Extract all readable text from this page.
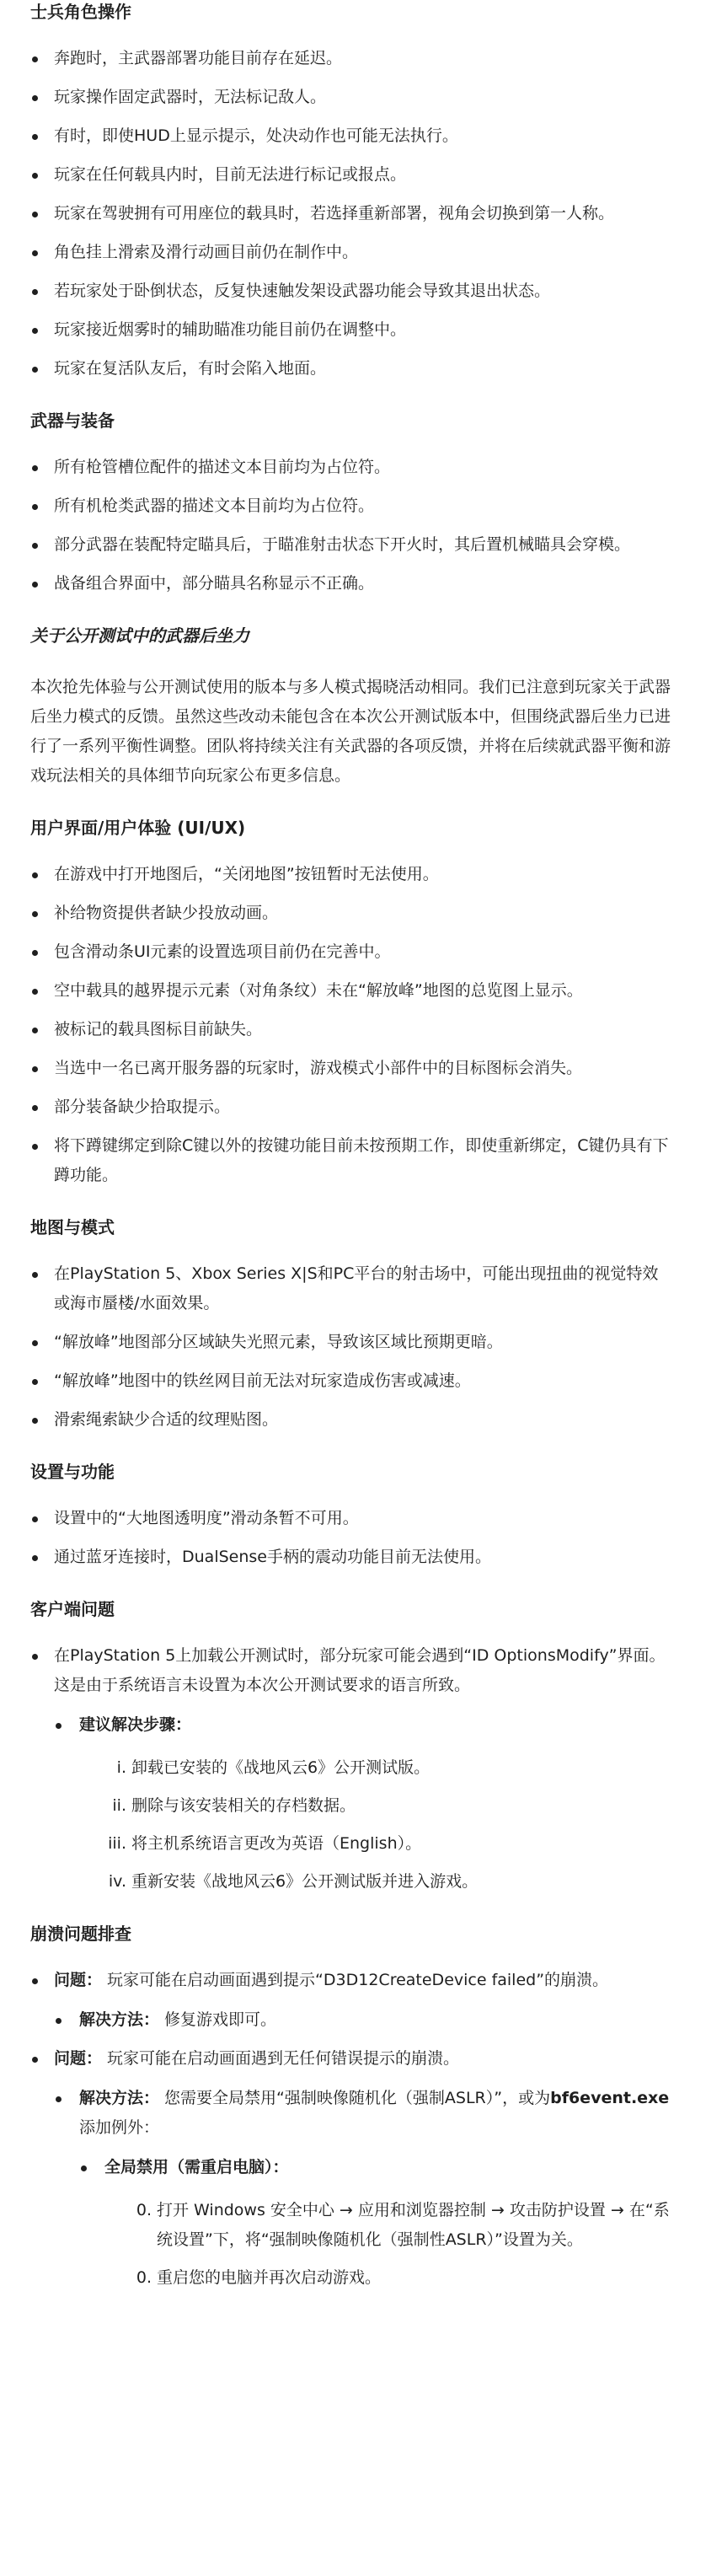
士兵角色操作
奔跑时，主武器部署功能目前存在延迟。
玩家操作固定武器时，无法标记敌人。
有时，即使HUD上显示提示，处决动作也可能无法执行。
玩家在任何载具内时，目前无法进行标记或报点。
玩家在驾驶拥有可用座位的载具时，若选择重新部署，视角会切换到第一人称。
角色挂上滑索及滑行动画目前仍在制作中。
若玩家处于卧倒状态，反复快速触发架设武器功能会导致其退出状态。
玩家接近烟雾时的辅助瞄准功能目前仍在调整中。
玩家在复活队友后，有时会陷入地面。
武器与装备
所有枪管槽位配件的描述文本目前均为占位符。
所有机枪类武器的描述文本目前均为占位符。
部分武器在装配特定瞄具后，于瞄准射击状态下开火时，其后置机械瞄具会穿模。
战备组合界面中，部分瞄具名称显示不正确。
关于公开测试中的武器后坐力

本次抢先体验与公开测试使用的版本与多人模式揭晓活动相同。我们已注意到玩家关于武器后坐力模式的反馈。虽然这些改动未能包含在本次公开测试版本中，但围绕武器后坐力已进行了一系列平衡性调整。团队将持续关注有关武器的各项反馈，并将在后续就武器平衡和游戏玩法相关的具体细节向玩家公布更多信息。

用户界面/用户体验 (UI/UX)
在游戏中打开地图后，“关闭地图”按钮暂时无法使用。
补给物资提供者缺少投放动画。
包含滑动条UI元素的设置选项目前仍在完善中。
空中载具的越界提示元素（对角条纹）未在“解放峰”地图的总览图上显示。
被标记的载具图标目前缺失。
当选中一名已离开服务器的玩家时，游戏模式小部件中的目标图标会消失。
部分装备缺少拾取提示。
将下蹲键绑定到除C键以外的按键功能目前未按预期工作，即使重新绑定，C键仍具有下蹲功能。
地图与模式
在PlayStation 5、Xbox Series X|S和PC平台的射击场中，可能出现扭曲的视觉特效或海市蜃楼/水面效果。
“解放峰”地图部分区域缺失光照元素，导致该区域比预期更暗。
“解放峰”地图中的铁丝网目前无法对玩家造成伤害或减速。
滑索绳索缺少合适的纹理贴图。
设置与功能
设置中的“大地图透明度”滑动条暂不可用。
通过蓝牙连接时，DualSense手柄的震动功能目前无法使用。
客户端问题
在PlayStation 5上加载公开测试时，部分玩家可能会遇到“ID OptionsModify”界面。这是由于系统语言未设置为本次公开测试要求的语言所致。
建议解决步骤：
i. 卸载已安装的《战地风云6》公开测试版。
ii. 删除与该安装相关的存档数据。
iii. 将主机系统语言更改为英语（English）。
iv. 重新安装《战地风云6》公开测试版并进入游戏。
崩溃问题排查
问题： 玩家可能在启动画面遇到提示“D3D12CreateDevice failed”的崩溃。
解决方法： 修复游戏即可。
问题： 玩家可能在启动画面遇到无任何错误提示的崩溃。
解决方法： 您需要全局禁用“强制映像随机化（强制ASLR）”，或为bf6event.exe添加例外：
全局禁用（需重启电脑）：
0. 打开 Windows 安全中心 → 应用和浏览器控制 → 攻击防护设置 → 在“系统设置”下，将“强制映像随机化（强制性ASLR）”设置为关。
0. 重启您的电脑并再次启动游戏。
